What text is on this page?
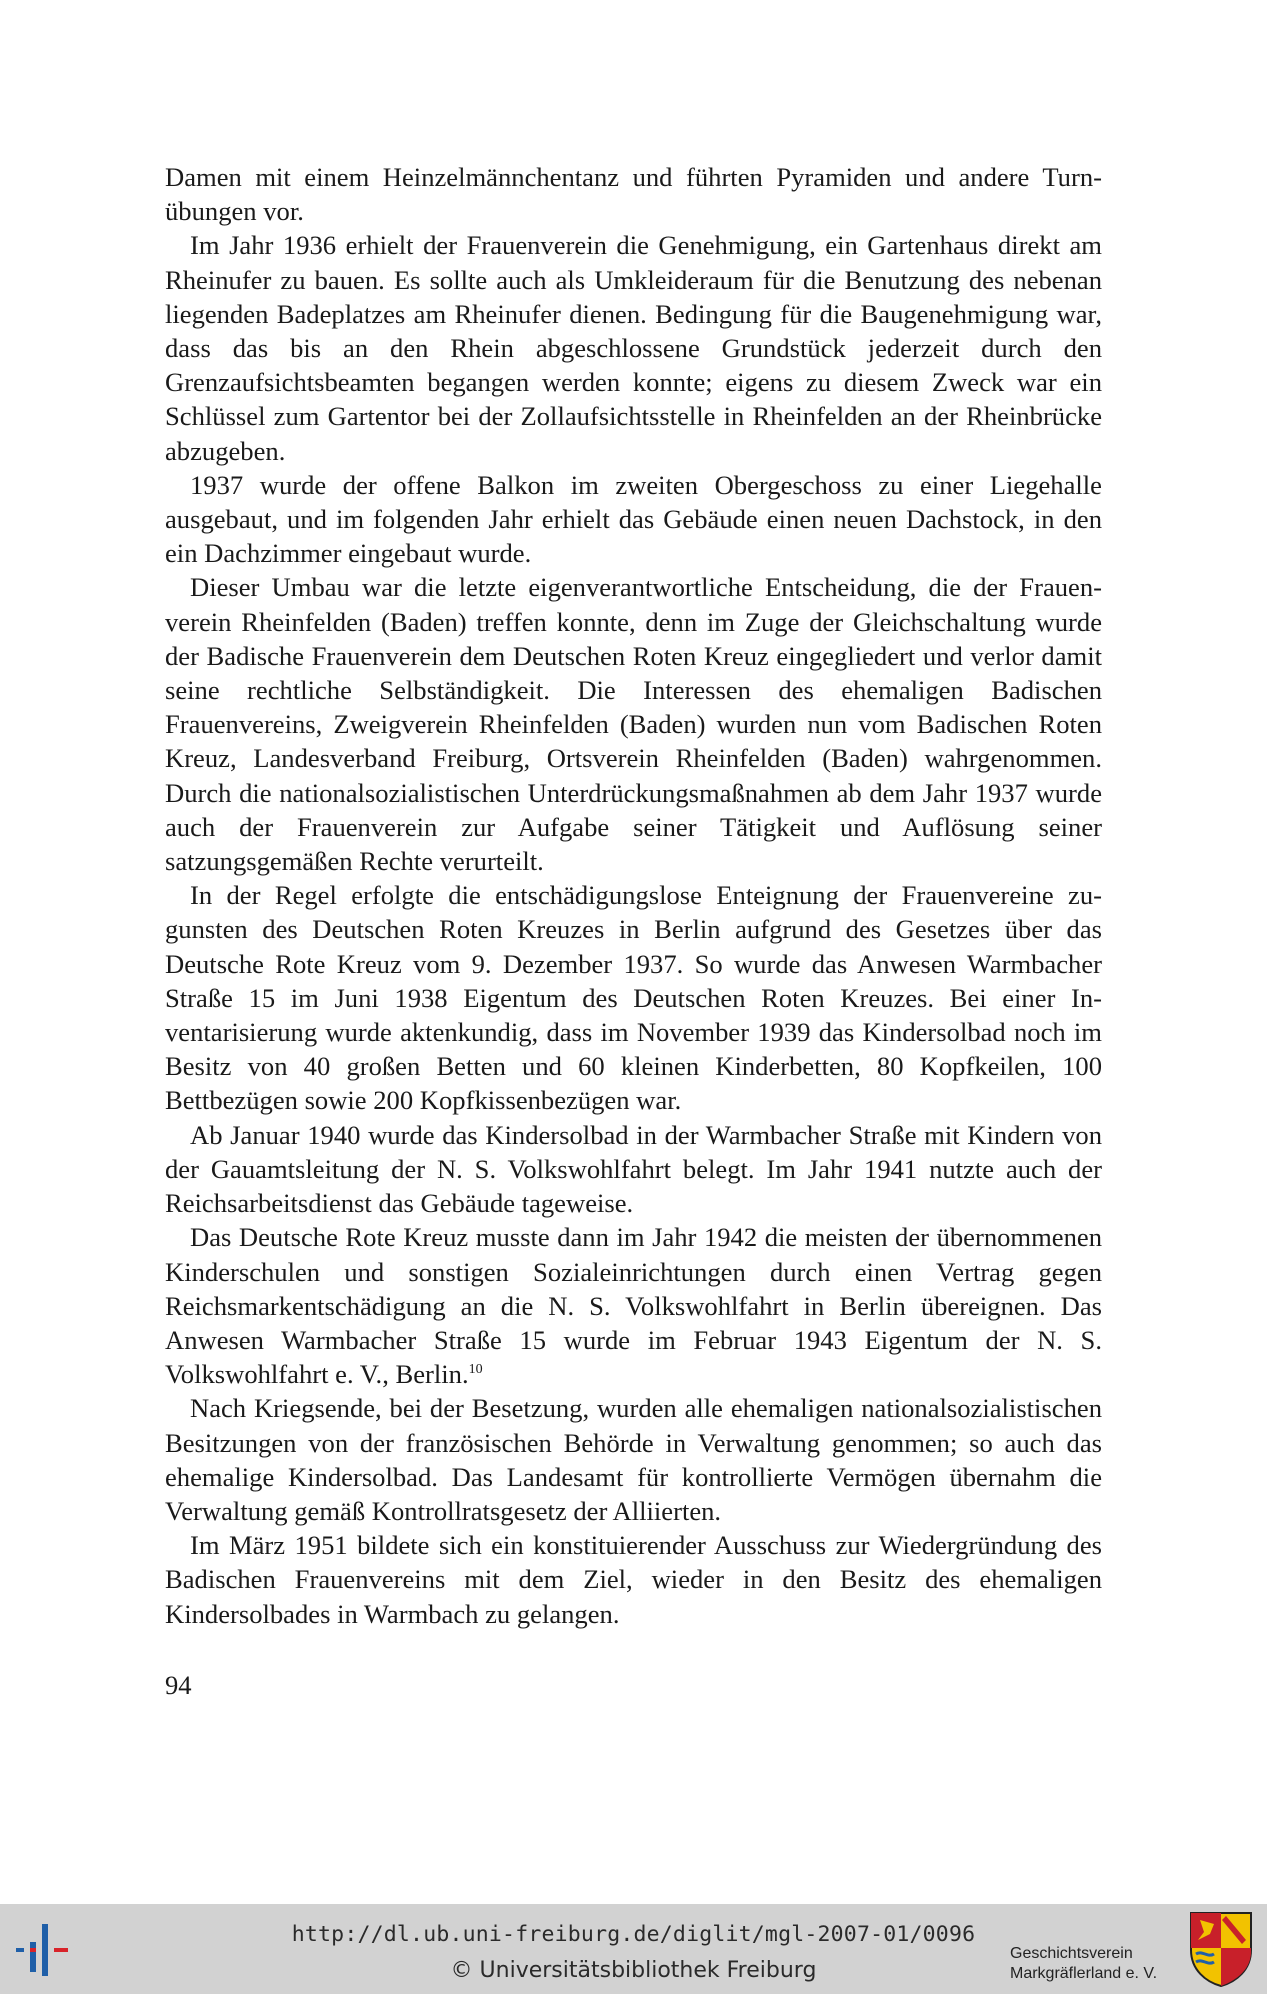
Damen mit einem Heinzelmännchentanz und führten Pyramiden und andere Turnübungen vor.

Im Jahr 1936 erhielt der Frauenverein die Genehmigung, ein Gartenhaus direkt am Rheinufer zu bauen. Es sollte auch als Umkleideraum für die Benutzung des nebenan liegenden Badeplatzes am Rheinufer dienen. Bedingung für die Baugenehmigung war, dass das bis an den Rhein abgeschlossene Grundstück jederzeit durch den Grenzaufsichtsbeamten begangen werden konnte; eigens zu diesem Zweck war ein Schlüssel zum Gartentor bei der Zollaufsichtsstelle in Rheinfelden an der Rheinbrücke abzugeben.

1937 wurde der offene Balkon im zweiten Obergeschoss zu einer Liegehalle ausgebaut, und im folgenden Jahr erhielt das Gebäude einen neuen Dachstock, in den ein Dachzimmer eingebaut wurde.

Dieser Umbau war die letzte eigenverantwortliche Entscheidung, die der Frauenverein Rheinfelden (Baden) treffen konnte, denn im Zuge der Gleichschaltung wurde der Badische Frauenverein dem Deutschen Roten Kreuz eingegliedert und verlor damit seine rechtliche Selbständigkeit. Die Interessen des ehemaligen Badischen Frauenvereins, Zweigverein Rheinfelden (Baden) wurden nun vom Badischen Roten Kreuz, Landesverband Freiburg, Ortsverein Rheinfelden (Baden) wahrgenommen. Durch die nationalsozialistischen Unterdrückungsmaßnahmen ab dem Jahr 1937 wurde auch der Frauenverein zur Aufgabe seiner Tätigkeit und Auflösung seiner satzungsgemäßen Rechte verurteilt.

In der Regel erfolgte die entschädigungslose Enteignung der Frauenvereine zugunsten des Deutschen Roten Kreuzes in Berlin aufgrund des Gesetzes über das Deutsche Rote Kreuz vom 9. Dezember 1937. So wurde das Anwesen Warmbacher Straße 15 im Juni 1938 Eigentum des Deutschen Roten Kreuzes. Bei einer Inventarisierung wurde aktenkundig, dass im November 1939 das Kindersolbad noch im Besitz von 40 großen Betten und 60 kleinen Kinderbetten, 80 Kopfkeilen, 100 Bettbezügen sowie 200 Kopfkissenbezügen war.

Ab Januar 1940 wurde das Kindersolbad in der Warmbacher Straße mit Kindern von der Gauamtsleitung der N. S. Volkswohlfahrt belegt. Im Jahr 1941 nutzte auch der Reichsarbeitsdienst das Gebäude tageweise.

Das Deutsche Rote Kreuz musste dann im Jahr 1942 die meisten der übernommenen Kinderschulen und sonstigen Sozialeinrichtungen durch einen Vertrag gegen Reichsmarkentschädigung an die N. S. Volkswohlfahrt in Berlin übereignen. Das Anwesen Warmbacher Straße 15 wurde im Februar 1943 Eigentum der N. S. Volkswohlfahrt e. V., Berlin.$^{10}$

Nach Kriegsende, bei der Besetzung, wurden alle ehemaligen nationalsozialistischen Besitzungen von der französischen Behörde in Verwaltung genommen; so auch das ehemalige Kindersolbad. Das Landesamt für kontrollierte Vermögen übernahm die Verwaltung gemäß Kontrollratsgesetz der Alliierten.

Im März 1951 bildete sich ein konstituierender Ausschuss zur Wiedergründung des Badischen Frauenvereins mit dem Ziel, wieder in den Besitz des ehemaligen Kindersolbades in Warmbach zu gelangen.

94
http://dl.ub.uni-freiburg.de/diglit/mgl-2007-01/0096
© Universitätsbibliothek Freiburg
Geschichtsverein
Markgräflerland e. V.
